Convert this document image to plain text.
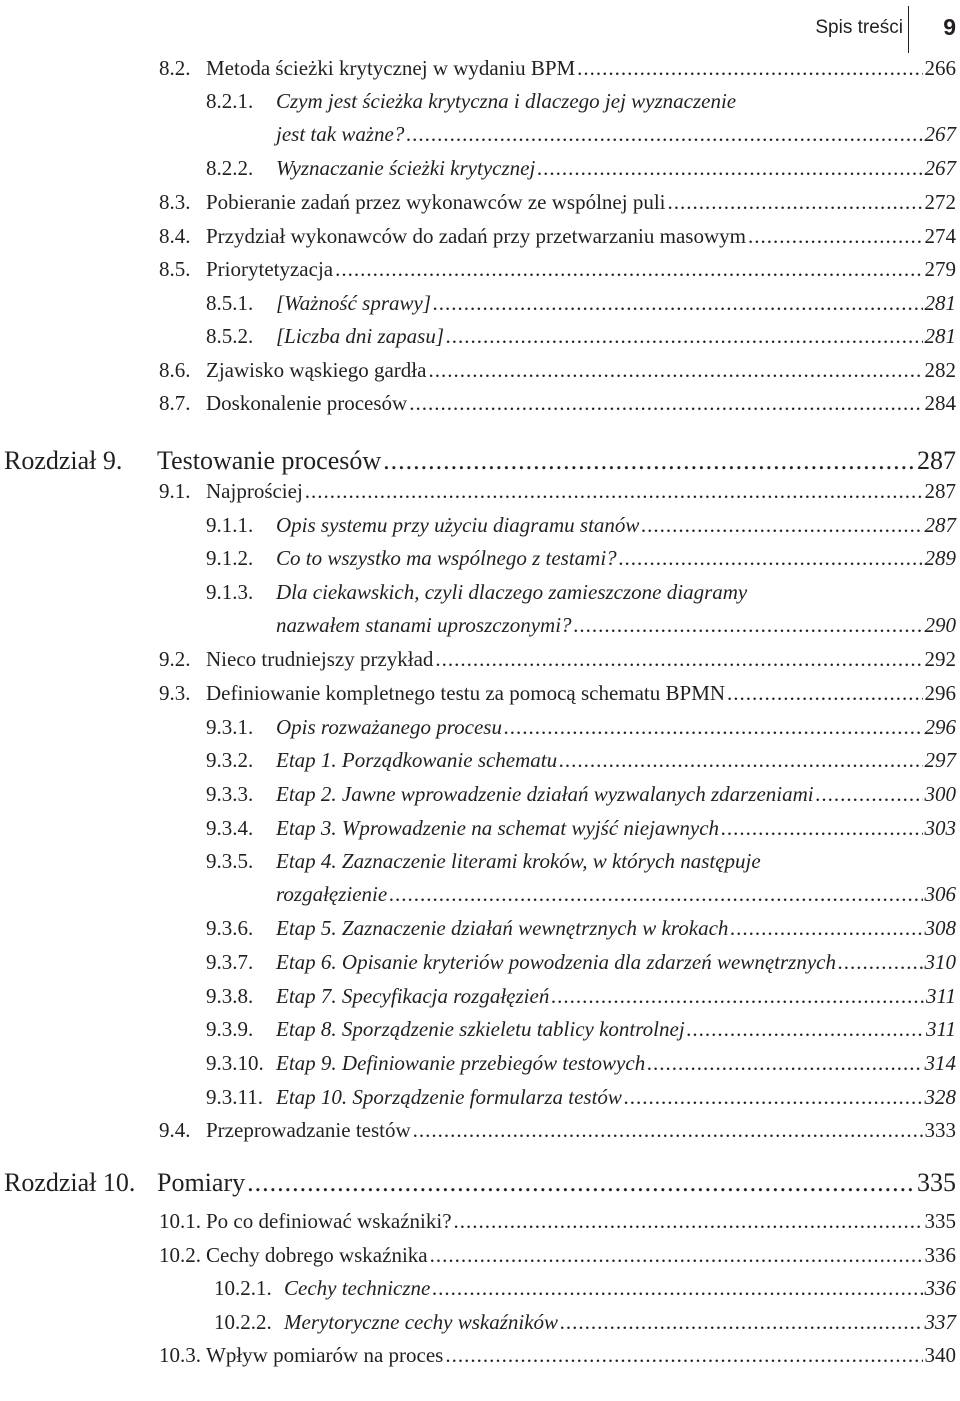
Spis treści 9
8.2. Metoda ścieżki krytycznej w wydaniu BPM .....	266
8.2.1. Czym jest ścieżka krytyczna i dlaczego jej wyznaczenie
jest tak ważne? .....	267
8.2.2. Wyznaczanie ścieżki krytycznej .....	267
8.3. Pobieranie zadań przez wykonawców ze wspólnej puli .....	272
8.4. Przydział wykonawców do zadań przy przetwarzaniu masowym .....	274
8.5. Priorytetyzacja .....	279
8.5.1. [Ważność sprawy] .....	281
8.5.2. [Liczba dni zapasu] .....	281
8.6. Zjawisko wąskiego gardła .....	282
8.7. Doskonalenie procesów .....	284
Rozdział 9. Testowanie procesów .....	287
9.1. Najprościej .....	287
9.1.1. Opis systemu przy użyciu diagramu stanów .....	287
9.1.2. Co to wszystko ma wspólnego z testami? .....	289
9.1.3. Dla ciekawskich, czyli dlaczego zamieszczone diagramy
nazwałem stanami uproszczonymi? .....	290
9.2. Nieco trudniejszy przykład .....	292
9.3. Definiowanie kompletnego testu za pomocą schematu BPMN .....	296
9.3.1. Opis rozważanego procesu .....	296
9.3.2. Etap 1. Porządkowanie schematu .....	297
9.3.3. Etap 2. Jawne wprowadzenie działań wyzwalanych zdarzeniami .....	300
9.3.4. Etap 3. Wprowadzenie na schemat wyjść niejawnych .....	303
9.3.5. Etap 4. Zaznaczenie literami kroków, w których następuje
rozgałęzienie .....	306
9.3.6. Etap 5. Zaznaczenie działań wewnętrznych w krokach .....	308
9.3.7. Etap 6. Opisanie kryteriów powodzenia dla zdarzeń wewnętrznych .....	310
9.3.8. Etap 7. Specyfikacja rozgałęzień .....	311
9.3.9. Etap 8. Sporządzenie szkieletu tablicy kontrolnej .....	311
9.3.10. Etap 9. Definiowanie przebiegów testowych .....	314
9.3.11. Etap 10. Sporządzenie formularza testów .....	328
9.4. Przeprowadzanie testów .....	333
Rozdział 10. Pomiary .....	335
10.1. Po co definiować wskaźniki? .....	335
10.2. Cechy dobrego wskaźnika .....	336
10.2.1. Cechy techniczne .....	336
10.2.2. Merytoryczne cechy wskaźników .....	337
10.3. Wpływ pomiarów na proces .....	340
